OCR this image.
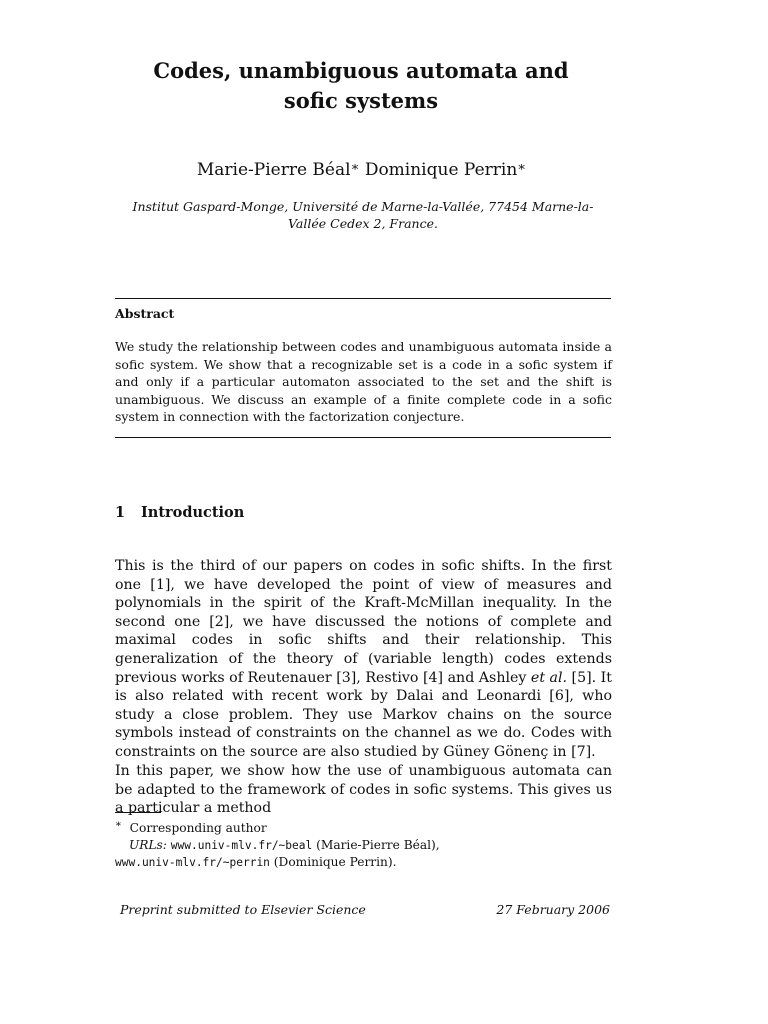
Codes, unambiguous automata and sofic systems
Marie-Pierre Béal∗ Dominique Perrin∗
Institut Gaspard-Monge, Université de Marne-la-Vallée, 77454 Marne-la-Vallée Cedex 2, France.
Abstract
We study the relationship between codes and unambiguous automata inside a sofic system. We show that a recognizable set is a code in a sofic system if and only if a particular automaton associated to the set and the shift is unambiguous. We discuss an example of a finite complete code in a sofic system in connection with the factorization conjecture.
1 Introduction
This is the third of our papers on codes in sofic shifts. In the first one [1], we have developed the point of view of measures and polynomials in the spirit of the Kraft-McMillan inequality. In the second one [2], we have discussed the notions of complete and maximal codes in sofic shifts and their relationship. This generalization of the theory of (variable length) codes extends previous works of Reutenauer [3], Restivo [4] and Ashley et al. [5]. It is also related with recent work by Dalai and Leonardi [6], who study a close problem. They use Markov chains on the source symbols instead of constraints on the channel as we do. Codes with constraints on the source are also studied by Güney Gönenç in [7].
In this paper, we show how the use of unambiguous automata can be adapted to the framework of codes in sofic systems. This gives us a particular a method
∗ Corresponding author
URLs: www.univ-mlv.fr/~beal (Marie-Pierre Béal),
www.univ-mlv.fr/~perrin (Dominique Perrin).
Preprint submitted to Elsevier Science	27 February 2006
